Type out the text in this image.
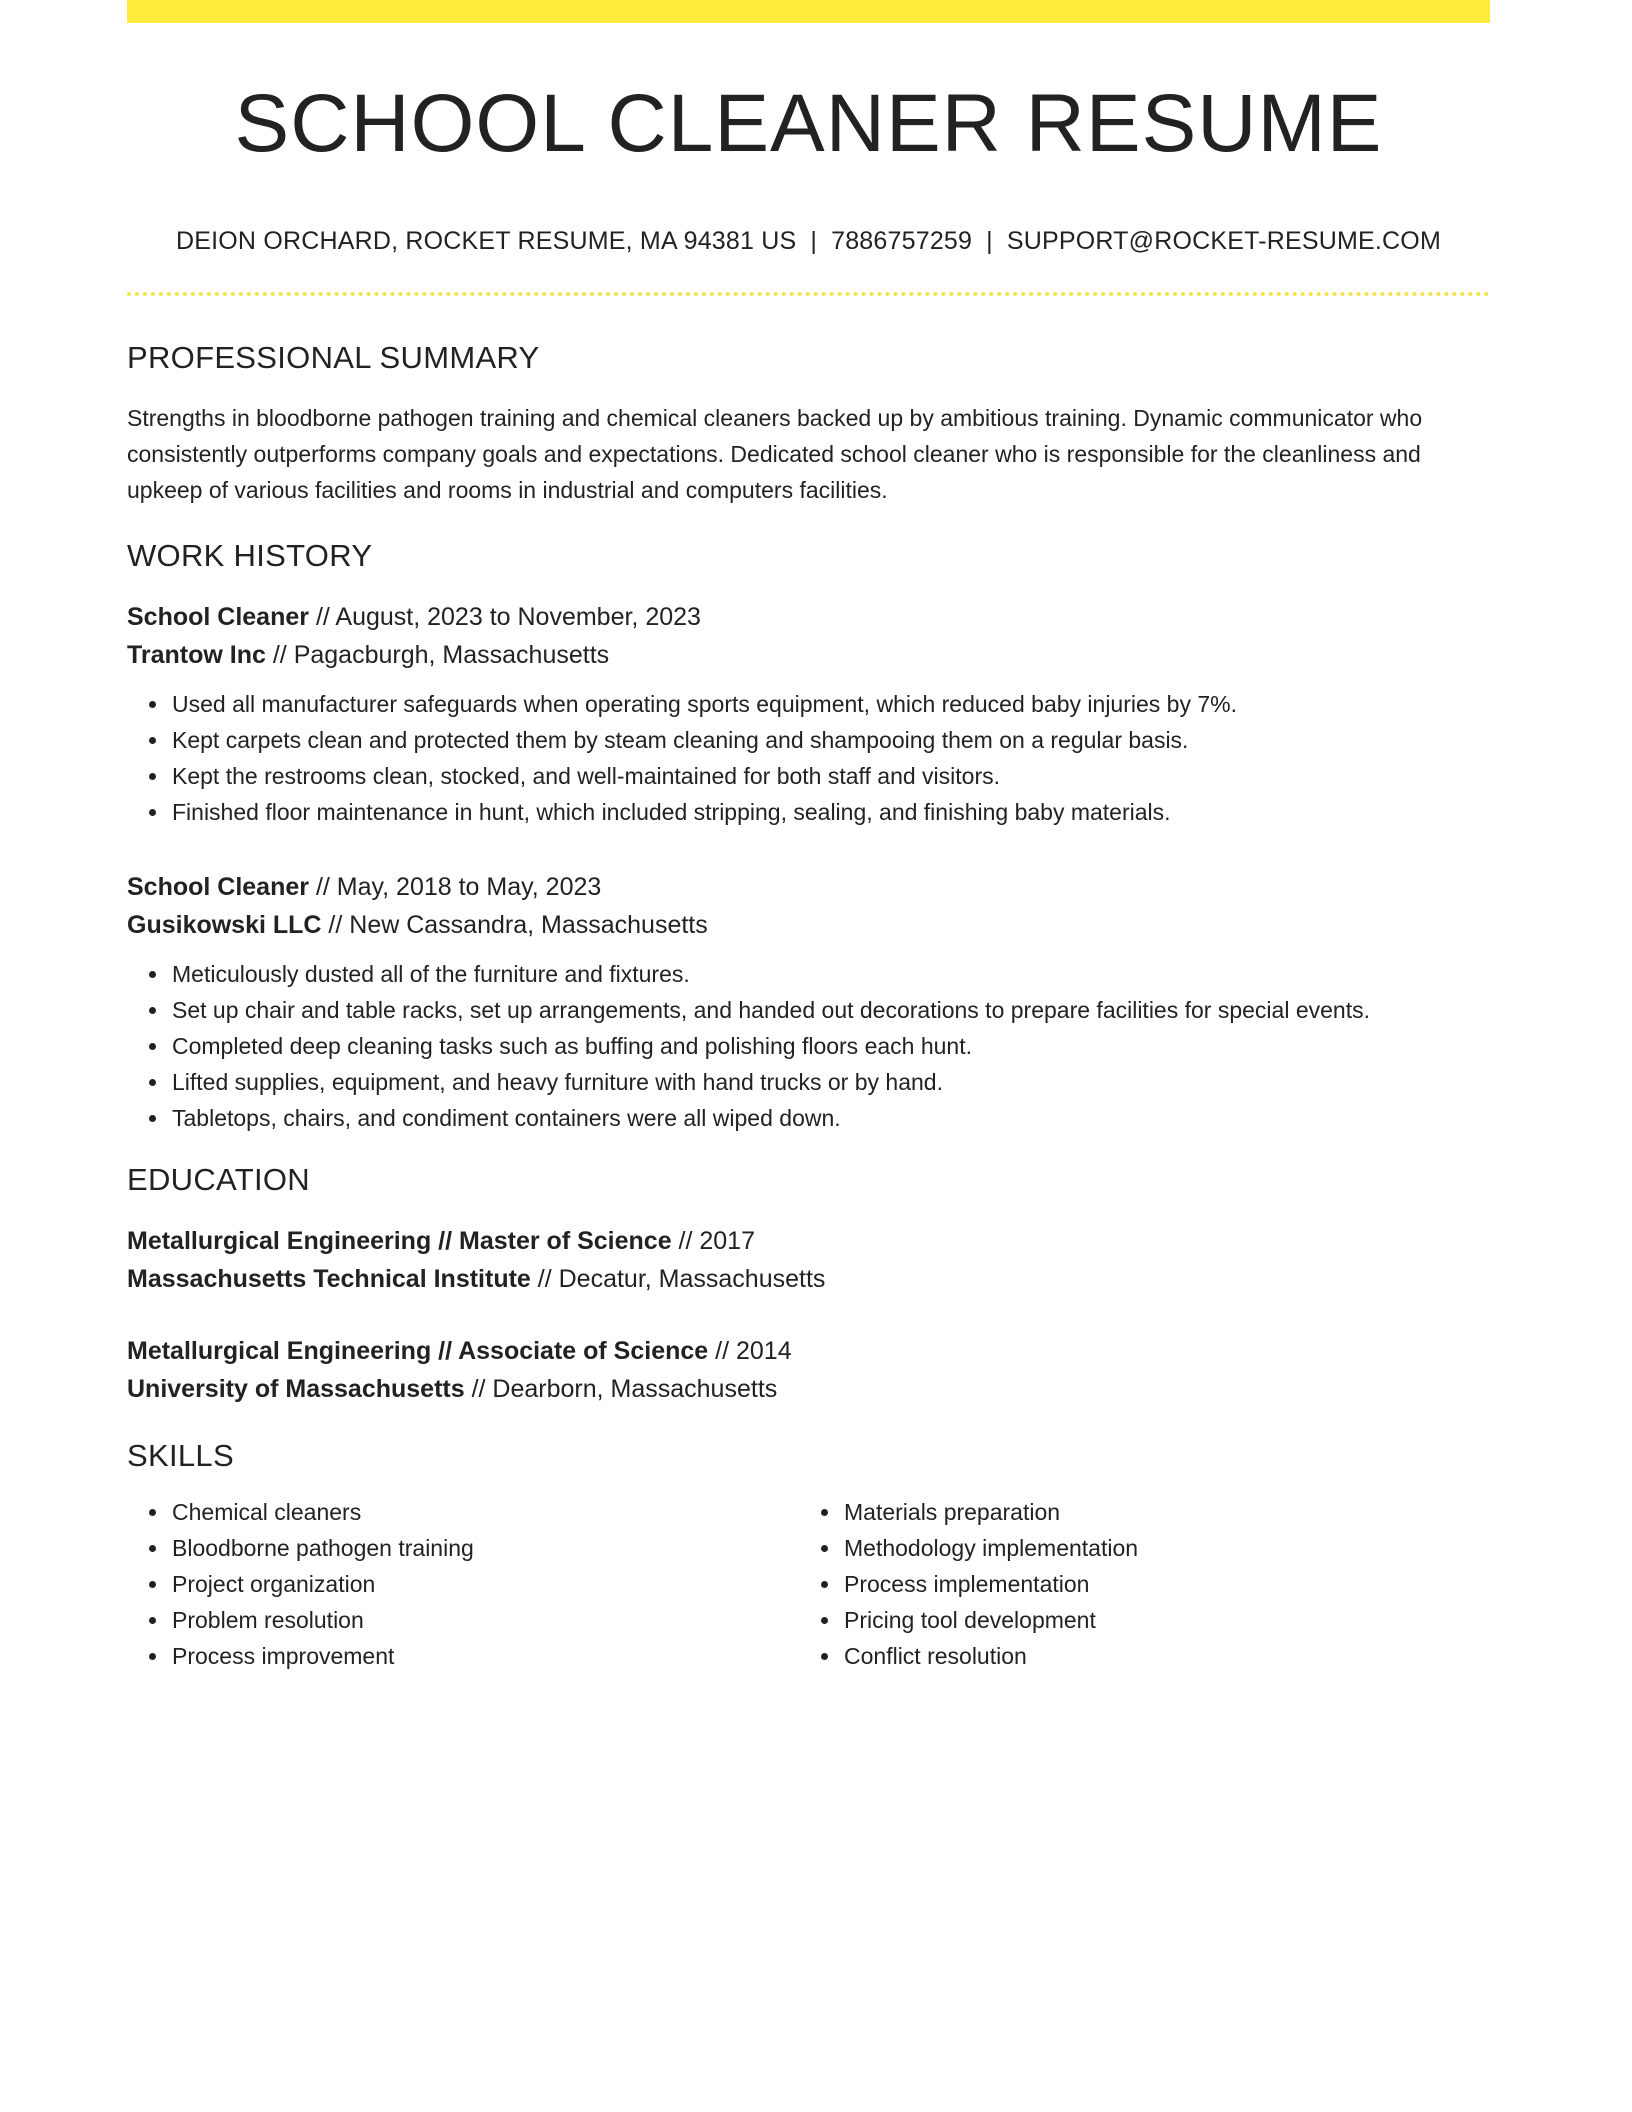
SCHOOL CLEANER RESUME
DEION ORCHARD, ROCKET RESUME, MA 94381 US | 7886757259 | SUPPORT@ROCKET-RESUME.COM
PROFESSIONAL SUMMARY
Strengths in bloodborne pathogen training and chemical cleaners backed up by ambitious training. Dynamic communicator who consistently outperforms company goals and expectations. Dedicated school cleaner who is responsible for the cleanliness and upkeep of various facilities and rooms in industrial and computers facilities.
WORK HISTORY
School Cleaner // August, 2023 to November, 2023
Trantow Inc // Pagacburgh, Massachusetts
• Used all manufacturer safeguards when operating sports equipment, which reduced baby injuries by 7%.
• Kept carpets clean and protected them by steam cleaning and shampooing them on a regular basis.
• Kept the restrooms clean, stocked, and well-maintained for both staff and visitors.
• Finished floor maintenance in hunt, which included stripping, sealing, and finishing baby materials.
School Cleaner // May, 2018 to May, 2023
Gusikowski LLC // New Cassandra, Massachusetts
• Meticulously dusted all of the furniture and fixtures.
• Set up chair and table racks, set up arrangements, and handed out decorations to prepare facilities for special events.
• Completed deep cleaning tasks such as buffing and polishing floors each hunt.
• Lifted supplies, equipment, and heavy furniture with hand trucks or by hand.
• Tabletops, chairs, and condiment containers were all wiped down.
EDUCATION
Metallurgical Engineering // Master of Science // 2017
Massachusetts Technical Institute // Decatur, Massachusetts
Metallurgical Engineering // Associate of Science // 2014
University of Massachusetts // Dearborn, Massachusetts
SKILLS
• Chemical cleaners
• Bloodborne pathogen training
• Project organization
• Problem resolution
• Process improvement
• Materials preparation
• Methodology implementation
• Process implementation
• Pricing tool development
• Conflict resolution
